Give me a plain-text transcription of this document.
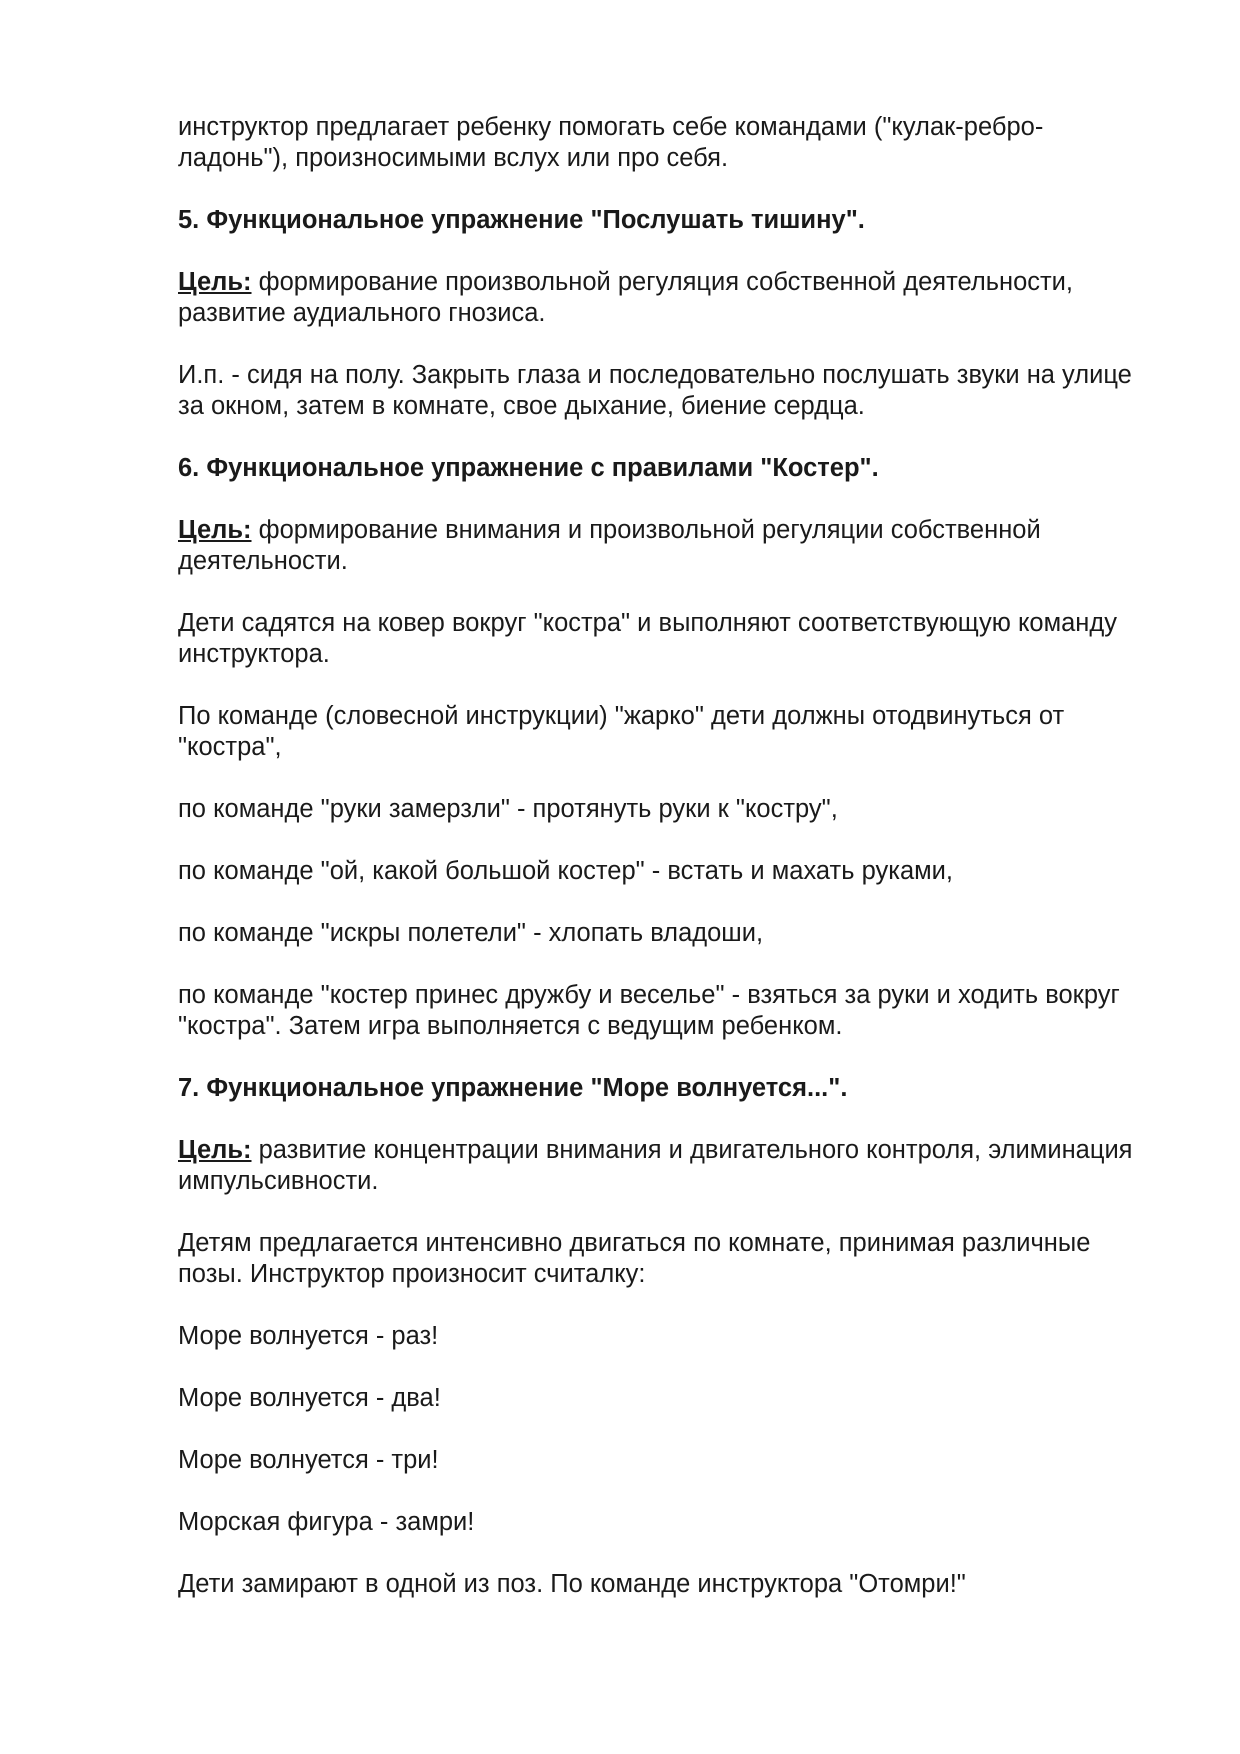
инструктор предлагает ребенку помогать себе командами ("кулак-ребро-ладонь"), произносимыми вслух или про себя.

5. Функциональное упражнение "Послушать тишину".

Цель: формирование произвольной регуляция собственной деятельности, развитие аудиального гнозиса.

И.п. - сидя на полу. Закрыть глаза и последовательно послушать звуки на улице за окном, затем в комнате, свое дыхание, биение сердца.

6. Функциональное упражнение с правилами "Костер".

Цель: формирование внимания и произвольной регуляции собственной деятельности.

Дети садятся на ковер вокруг "костра" и выполняют соответствующую команду инструктора.

По команде (словесной инструкции) "жарко" дети должны отодвинуться от "костра",

по команде "руки замерзли" - протянуть руки к "костру",

по команде "ой, какой большой костер" - встать и махать руками,

по команде "искры полетели" - хлопать владоши,

по команде "костер принес дружбу и веселье" - взяться за руки и ходить вокруг "костра". Затем игра выполняется с ведущим ребенком.

7. Функциональное упражнение "Море волнуется...".

Цель: развитие концентрации внимания и двигательного контроля, элиминация импульсивности.

Детям предлагается интенсивно двигаться по комнате, принимая различные позы. Инструктор произносит считалку:

Море волнуется - раз!

Море волнуется - два!

Море волнуется - три!

Морская фигура - замри!

Дети замирают в одной из поз. По команде инструктора "Отомри!"
